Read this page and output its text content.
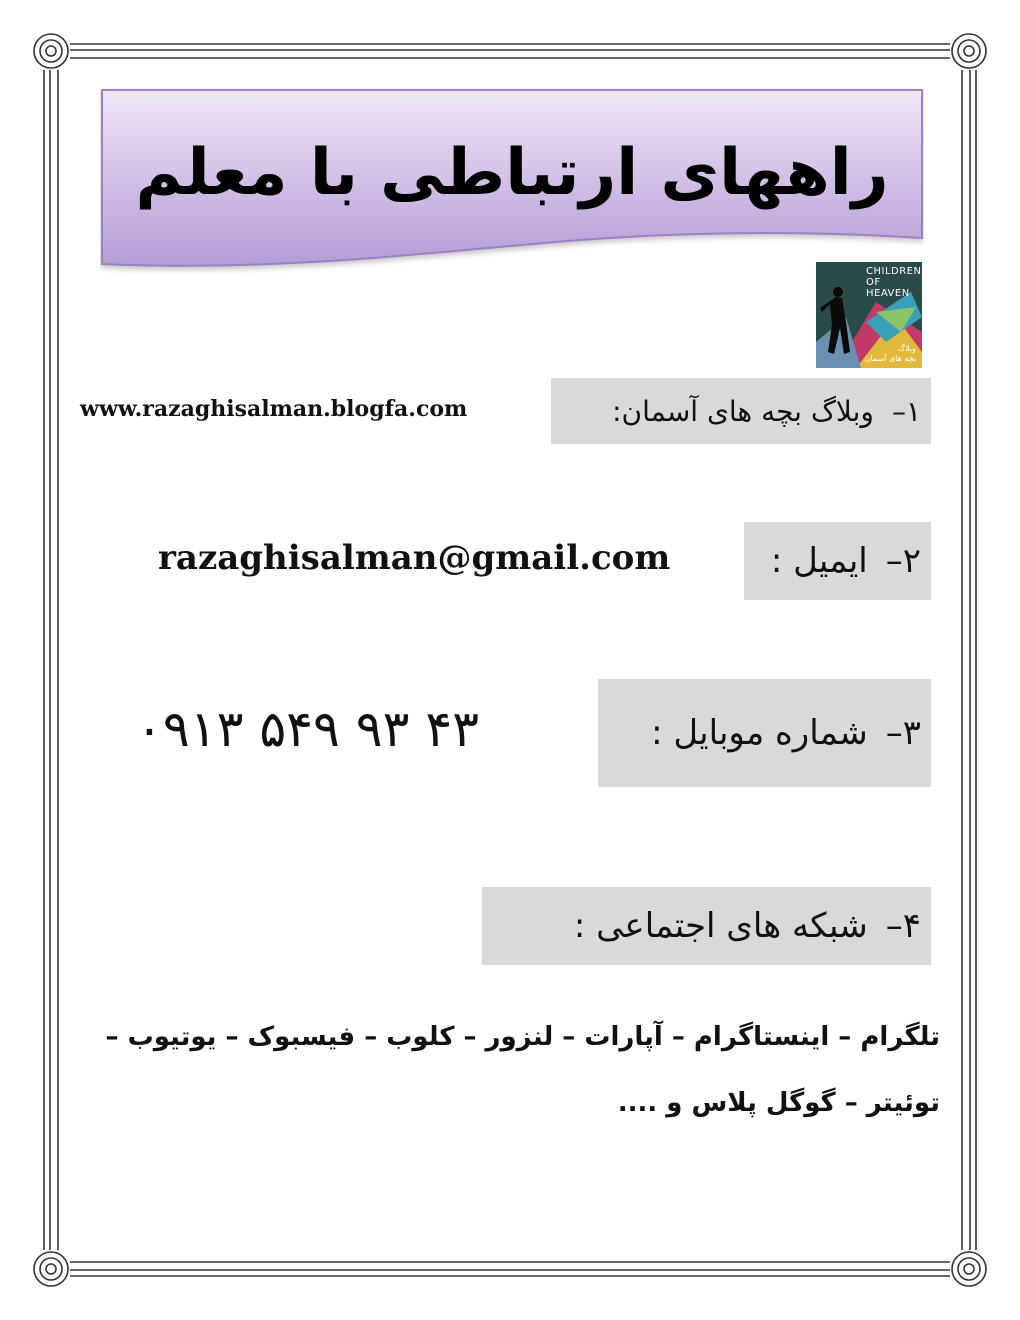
راههای ارتباطی با معلم
CHILDREN
OF HEAVEN
وبلاگ
بچه های آسمان
۱–
وبلاگ بچه های آسمان:
www.razaghisalman.blogfa.com
۲–
ایمیل :
razaghisalman@gmail.com
۳–
شماره موبایل :
۰۹۱۳ ۵۴۹ ۹۳ ۴۳
۴–
شبکه های اجتماعی :
تلگرام – اینستاگرام – آپارات – لنزور – کلوب – فیسبوک – یوتیوب –
توئیتر – گوگل پلاس و ....
